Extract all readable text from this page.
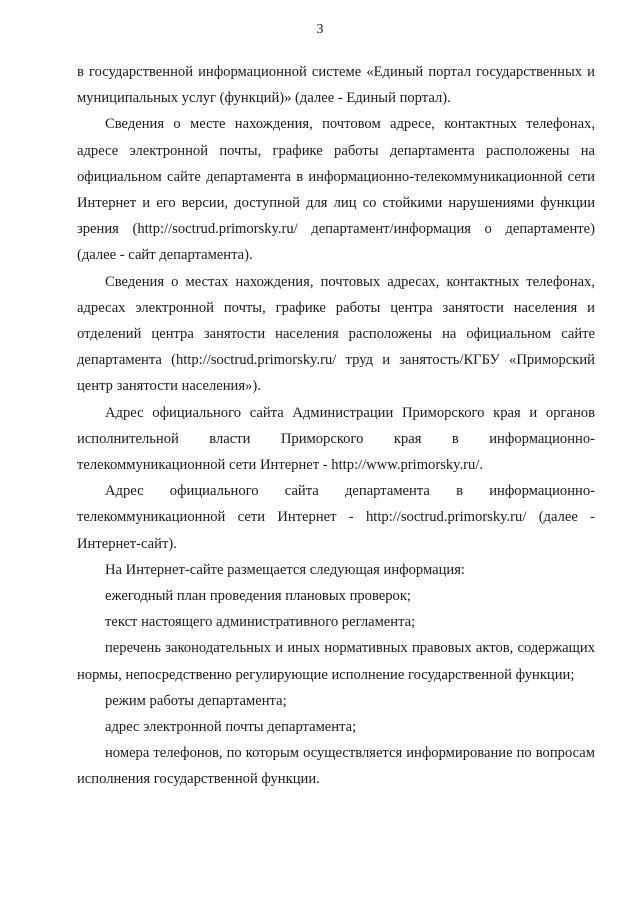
3

в государственной информационной системе «Единый портал государственных и муниципальных услуг (функций)» (далее - Единый портал).

Сведения о месте нахождения, почтовом адресе, контактных телефонах, адресе электронной почты, графике работы департамента расположены на официальном сайте департамента в информационно-телекоммуникационной сети Интернет и его версии, доступной для лиц со стойкими нарушениями функции зрения (http://soctrud.primorsky.ru/ департамент/информация о департаменте) (далее - сайт департамента).

Сведения о местах нахождения, почтовых адресах, контактных телефонах, адресах электронной почты, графике работы центра занятости населения и отделений центра занятости населения расположены на официальном сайте департамента (http://soctrud.primorsky.ru/ труд и занятость/КГБУ «Приморский центр занятости населения»).

Адрес официального сайта Администрации Приморского края и органов исполнительной власти Приморского края в информационно-телекоммуникационной сети Интернет - http://www.primorsky.ru/.

Адрес официального сайта департамента в информационно-телекоммуникационной сети Интернет - http://soctrud.primorsky.ru/ (далее - Интернет-сайт).

На Интернет-сайте размещается следующая информация:

ежегодный план проведения плановых проверок;

текст настоящего административного регламента;

перечень законодательных и иных нормативных правовых актов, содержащих нормы, непосредственно регулирующие исполнение государственной функции;

режим работы департамента;

адрес электронной почты департамента;

номера телефонов, по которым осуществляется информирование по вопросам исполнения государственной функции.
